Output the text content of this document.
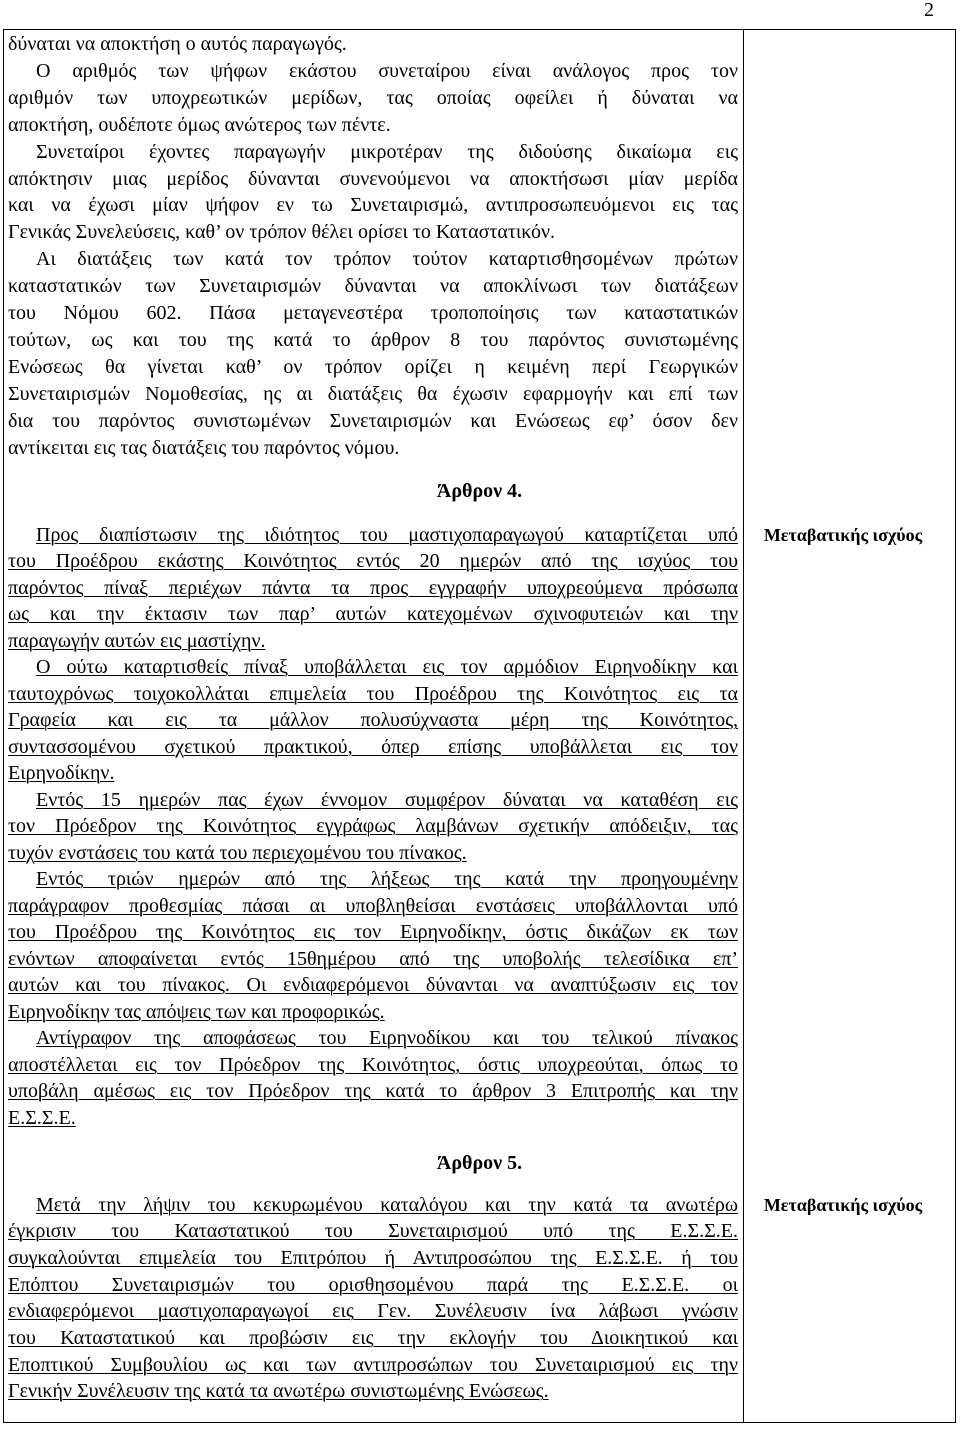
2
δύναται να αποκτήση ο αυτός παραγωγός.
Ο αριθμός των ψήφων εκάστου συνεταίρου είναι ανάλογος προς τον
αριθμόν των υποχρεωτικών μερίδων, τας οποίας οφείλει ή δύναται να
αποκτήση, ουδέποτε όμως ανώτερος των πέντε.
Συνεταίροι έχοντες παραγωγήν μικροτέραν της διδούσης δικαίωμα εις
απόκτησιν μιας μερίδος δύνανται συνενούμενοι να αποκτήσωσι μίαν μερίδα
και να έχωσι μίαν ψήφον εν τω Συνεταιρισμώ, αντιπροσωπευόμενοι εις τας
Γενικάς Συνελεύσεις, καθ’ ον τρόπον θέλει ορίσει το Καταστατικόν.
Αι διατάξεις των κατά τον τρόπον τούτον καταρτισθησομένων πρώτων
καταστατικών των Συνεταιρισμών δύνανται να αποκλίνωσι των διατάξεων
του Νόμου 602. Πάσα μεταγενεστέρα τροποποίησις των καταστατικών
τούτων, ως και του της κατά το άρθρον 8 του παρόντος συνιστωμένης
Ενώσεως θα γίνεται καθ’ ον τρόπον ορίζει η κειμένη περί Γεωργικών
Συνεταιρισμών Νομοθεσίας, ης αι διατάξεις θα έχωσιν εφαρμογήν και επί των
δια του παρόντος συνιστωμένων Συνεταιρισμών και Ενώσεως εφ’ όσον δεν
αντίκειται εις τας διατάξεις του παρόντος νόμου.
Άρθρον 4.
Μεταβατικής ισχύος
Προς διαπίστωσιν της ιδιότητος του μαστιχοπαραγωγού καταρτίζεται υπό
του Προέδρου εκάστης Κοινότητος εντός 20 ημερών από της ισχύος του
παρόντος πίναξ περιέχων πάντα τα προς εγγραφήν υποχρεούμενα πρόσωπα
ως και την έκτασιν των παρ’ αυτών κατεχομένων σχινοφυτειών και την
παραγωγήν αυτών εις μαστίχην.
Ο ούτω καταρτισθείς πίναξ υποβάλλεται εις τον αρμόδιον Ειρηνοδίκην και
ταυτοχρόνως τοιχοκολλάται επιμελεία του Προέδρου της Κοινότητος εις τα
Γραφεία και εις τα μάλλον πολυσύχναστα μέρη της Κοινότητος,
συντασσομένου σχετικού πρακτικού, όπερ επίσης υποβάλλεται εις τον
Ειρηνοδίκην.
Εντός 15 ημερών πας έχων έννομον συμφέρον δύναται να καταθέση εις
τον Πρόεδρον της Κοινότητος εγγράφως λαμβάνων σχετικήν απόδειξιν, τας
τυχόν ενστάσεις του κατά του περιεχομένου του πίνακος.
Εντός τριών ημερών από της λήξεως της κατά την προηγουμένην
παράγραφον προθεσμίας πάσαι αι υποβληθείσαι ενστάσεις υποβάλλονται υπό
του Προέδρου της Κοινότητος εις τον Ειρηνοδίκην, όστις δικάζων εκ των
ενόντων αποφαίνεται εντός 15θημέρου από της υποβολής τελεσίδικα επ’
αυτών και του πίνακος. Οι ενδιαφερόμενοι δύνανται να αναπτύξωσιν εις τον
Ειρηνοδίκην τας απόψεις των και προφορικώς.
Αντίγραφον της αποφάσεως του Ειρηνοδίκου και του τελικού πίνακος
αποστέλλεται εις τον Πρόεδρον της Κοινότητος, όστις υποχρεούται, όπως το
υποβάλη αμέσως εις τον Πρόεδρον της κατά το άρθρον 3 Επιτροπής και την
Ε.Σ.Σ.Ε.
Άρθρον 5.
Μεταβατικής ισχύος
Μετά την λήψιν του κεκυρωμένου καταλόγου και την κατά τα ανωτέρω
έγκρισιν του Καταστατικού του Συνεταιρισμού υπό της Ε.Σ.Σ.Ε.
συγκαλούνται επιμελεία του Επιτρόπου ή Αντιπροσώπου της Ε.Σ.Σ.Ε. ή του
Επόπτου Συνεταιρισμών του ορισθησομένου παρά της Ε.Σ.Σ.Ε. οι
ενδιαφερόμενοι μαστιχοπαραγωγοί εις Γεν. Συνέλευσιν ίνα λάβωσι γνώσιν
του Καταστατικού και προβώσιν εις την εκλογήν του Διοικητικού και
Εποπτικού Συμβουλίου ως και των αντιπροσώπων του Συνεταιρισμού εις την
Γενικήν Συνέλευσιν της κατά τα ανωτέρω συνιστωμένης Ενώσεως.
